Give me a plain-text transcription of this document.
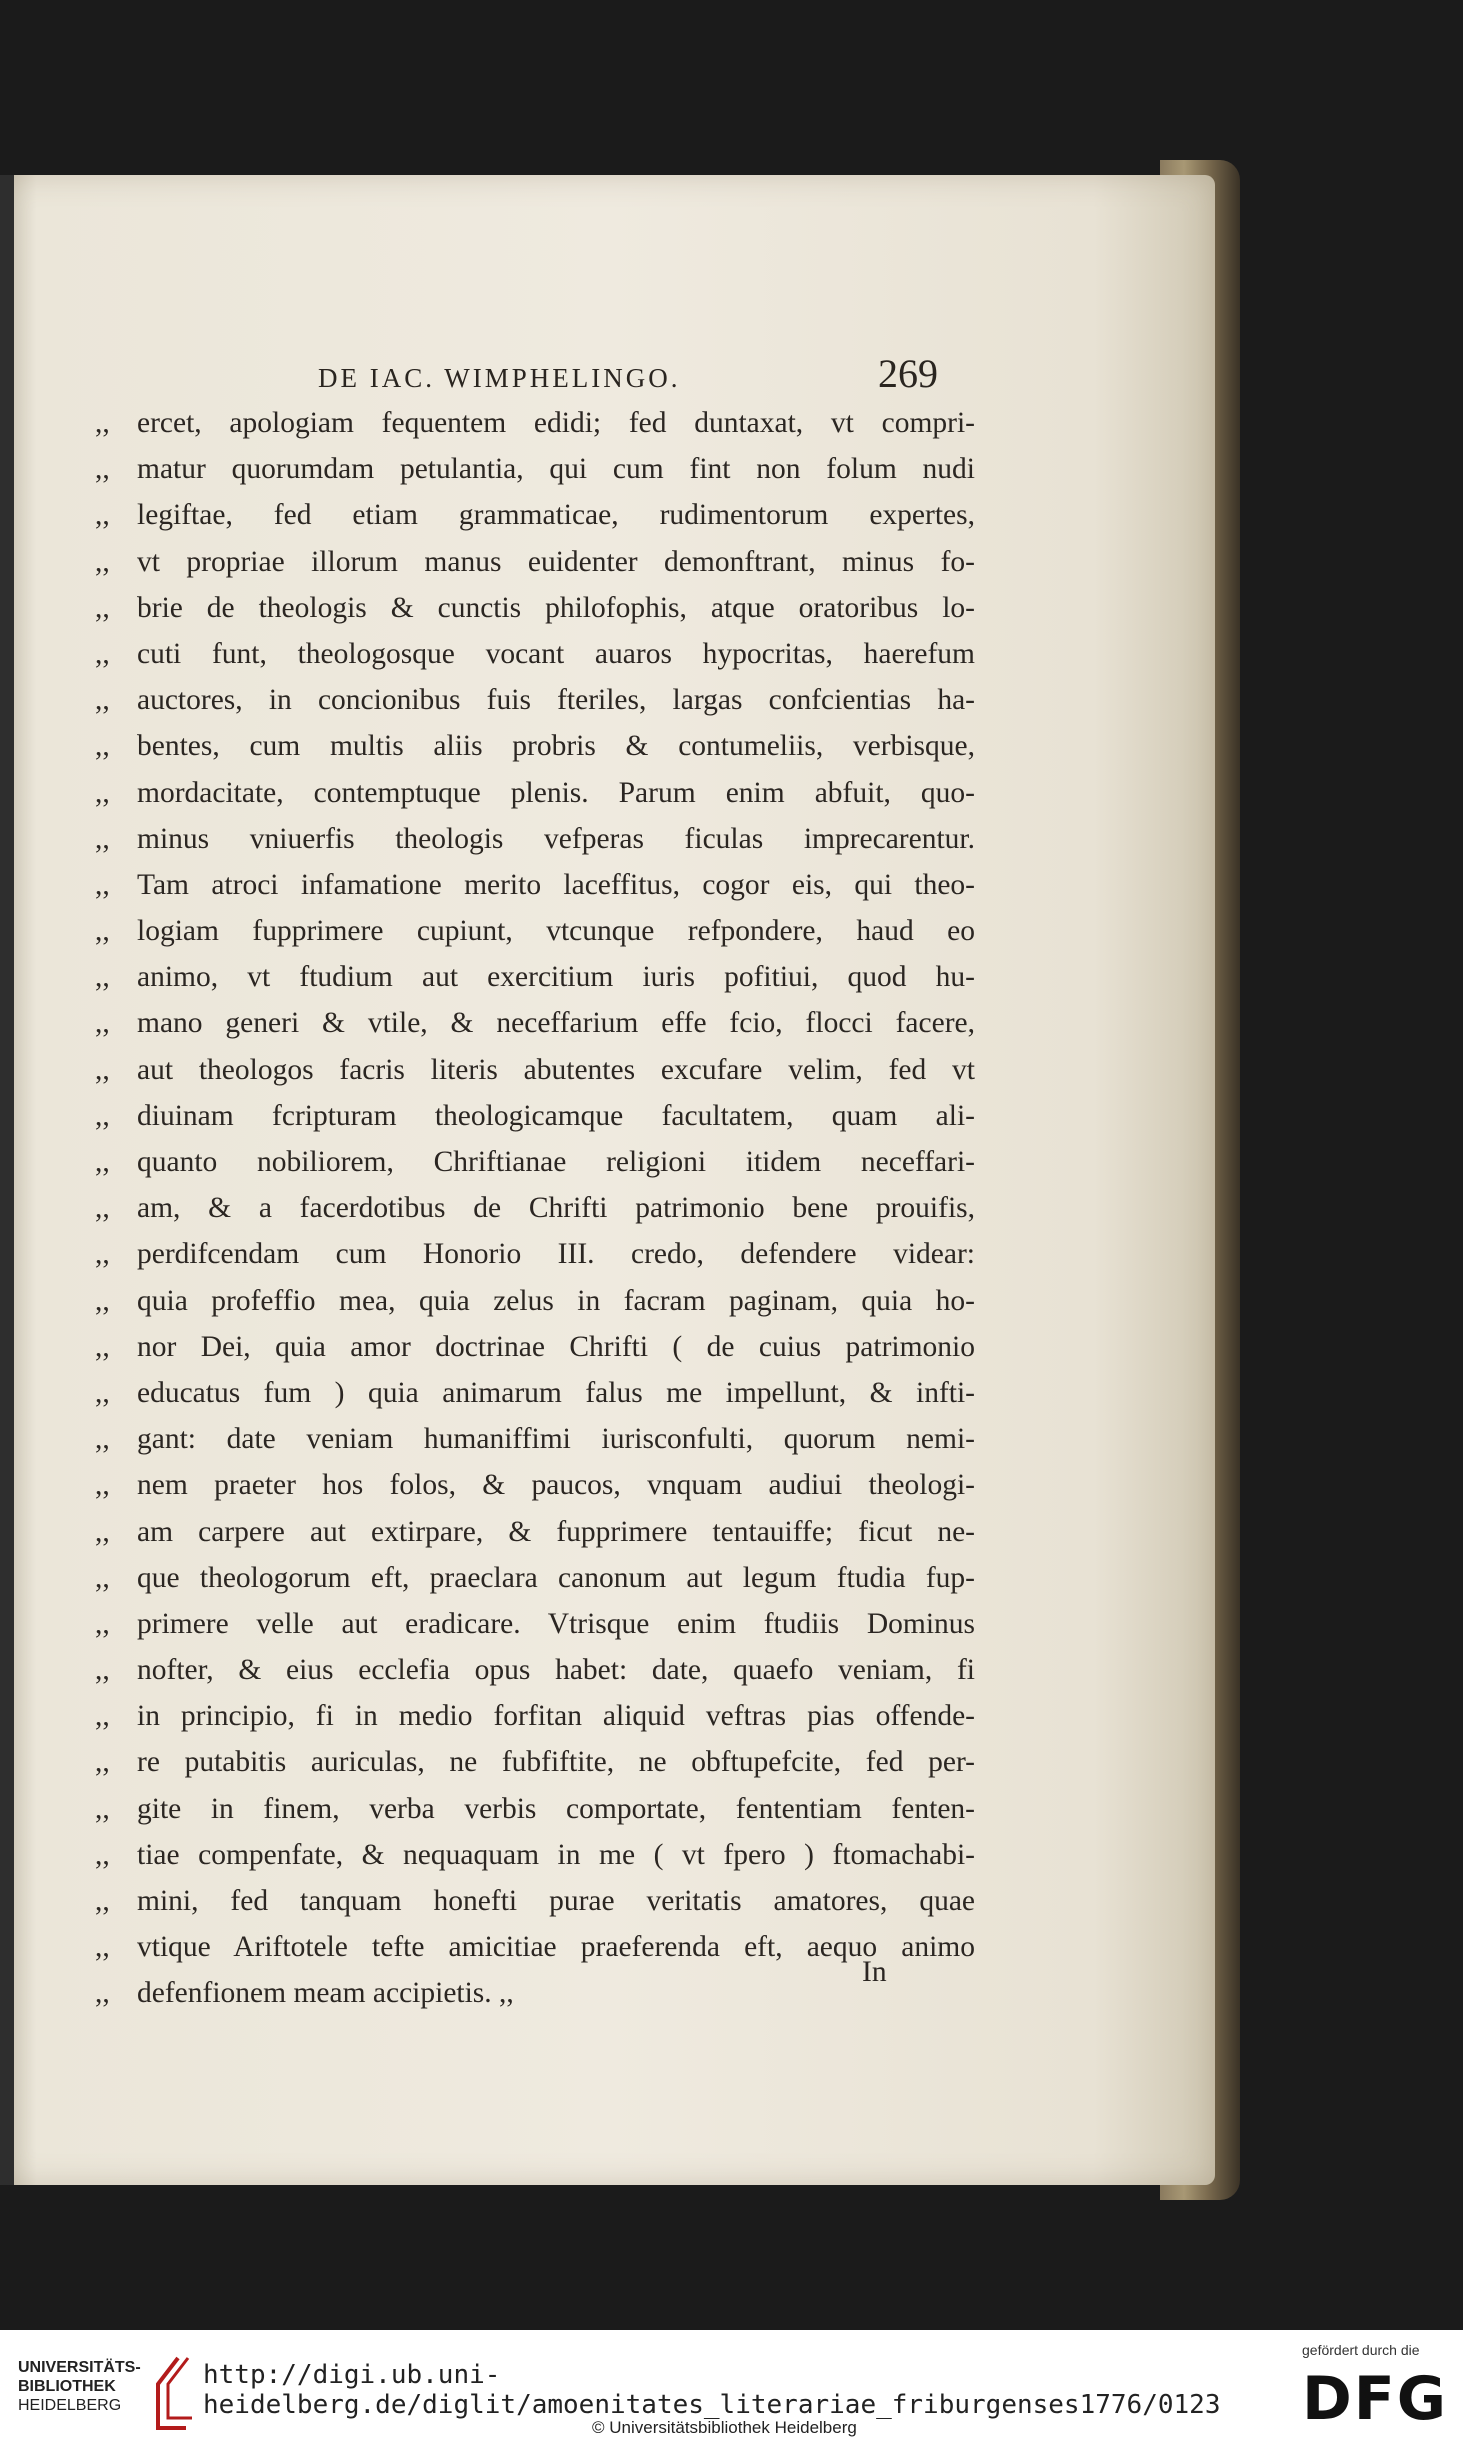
DE IAC. WIMPHELINGO.	269
,, ercet, apologiam fequentem edidi; fed duntaxat, vt compri-
,, matur quorumdam petulantia, qui cum fint non folum nudi
,, legiftae, fed etiam grammaticae, rudimentorum expertes,
,, vt propriae illorum manus euidenter demonftrant, minus fo-
,, brie de theologis & cunctis philofophis, atque oratoribus lo-
,, cuti funt, theologosque vocant auaros hypocritas, haerefum
,, auctores, in concionibus fuis fteriles, largas confcientias ha-
,, bentes, cum multis aliis probris & contumeliis, verbisque,
,, mordacitate, contemptuque plenis. Parum enim abfuit, quo-
,, minus vniuerfis theologis vefperas ficulas imprecarentur.
,, Tam atroci infamatione merito laceffitus, cogor eis, qui theo-
,, logiam fupprimere cupiunt, vtcunque refpondere, haud eo
,, animo, vt ftudium aut exercitium iuris pofitiui, quod hu-
,, mano generi & vtile, & neceffarium effe fcio, flocci facere,
,, aut theologos facris literis abutentes excufare velim, fed vt
,, diuinam fcripturam theologicamque facultatem, quam ali-
,, quanto nobiliorem, Chriftianae religioni itidem neceffari-
,, am, & a facerdotibus de Chrifti patrimonio bene prouifis,
,, perdifcendam cum Honorio III. credo, defendere videar:
,, quia profeffio mea, quia zelus in facram paginam, quia ho-
,, nor Dei, quia amor doctrinae Chrifti ( de cuius patrimonio
,, educatus fum ) quia animarum falus me impellunt, & infti-
,, gant: date veniam humaniffimi iurisconfulti, quorum nemi-
,, nem praeter hos folos, & paucos, vnquam audiui theologi-
,, am carpere aut extirpare, & fupprimere tentauiffe; ficut ne-
,, que theologorum eft, praeclara canonum aut legum ftudia fup-
,, primere velle aut eradicare. Vtrisque enim ftudiis Dominus
,, nofter, & eius ecclefia opus habet: date, quaefo veniam, fi
,, in principio, fi in medio forfitan aliquid veftras pias offende-
,, re putabitis auriculas, ne fubfiftite, ne obftupefcite, fed per-
,, gite in finem, verba verbis comportate, fententiam fenten-
,, tiae compenfate, & nequaquam in me ( vt fpero ) ftomachabi-
,, mini, fed tanquam honefti purae veritatis amatores, quae
,, vtique Ariftotele tefte amicitiae praeferenda eft, aequo animo
,, defenfionem meam accipietis. ,,
In
UNIVERSITÄTS-
BIBLIOTHEK
HEIDELBERG
http://digi.ub.uni-heidelberg.de/diglit/amoenitates_literariae_friburgenses1776/0123
© Universitätsbibliothek Heidelberg
gefördert durch die
DFG
